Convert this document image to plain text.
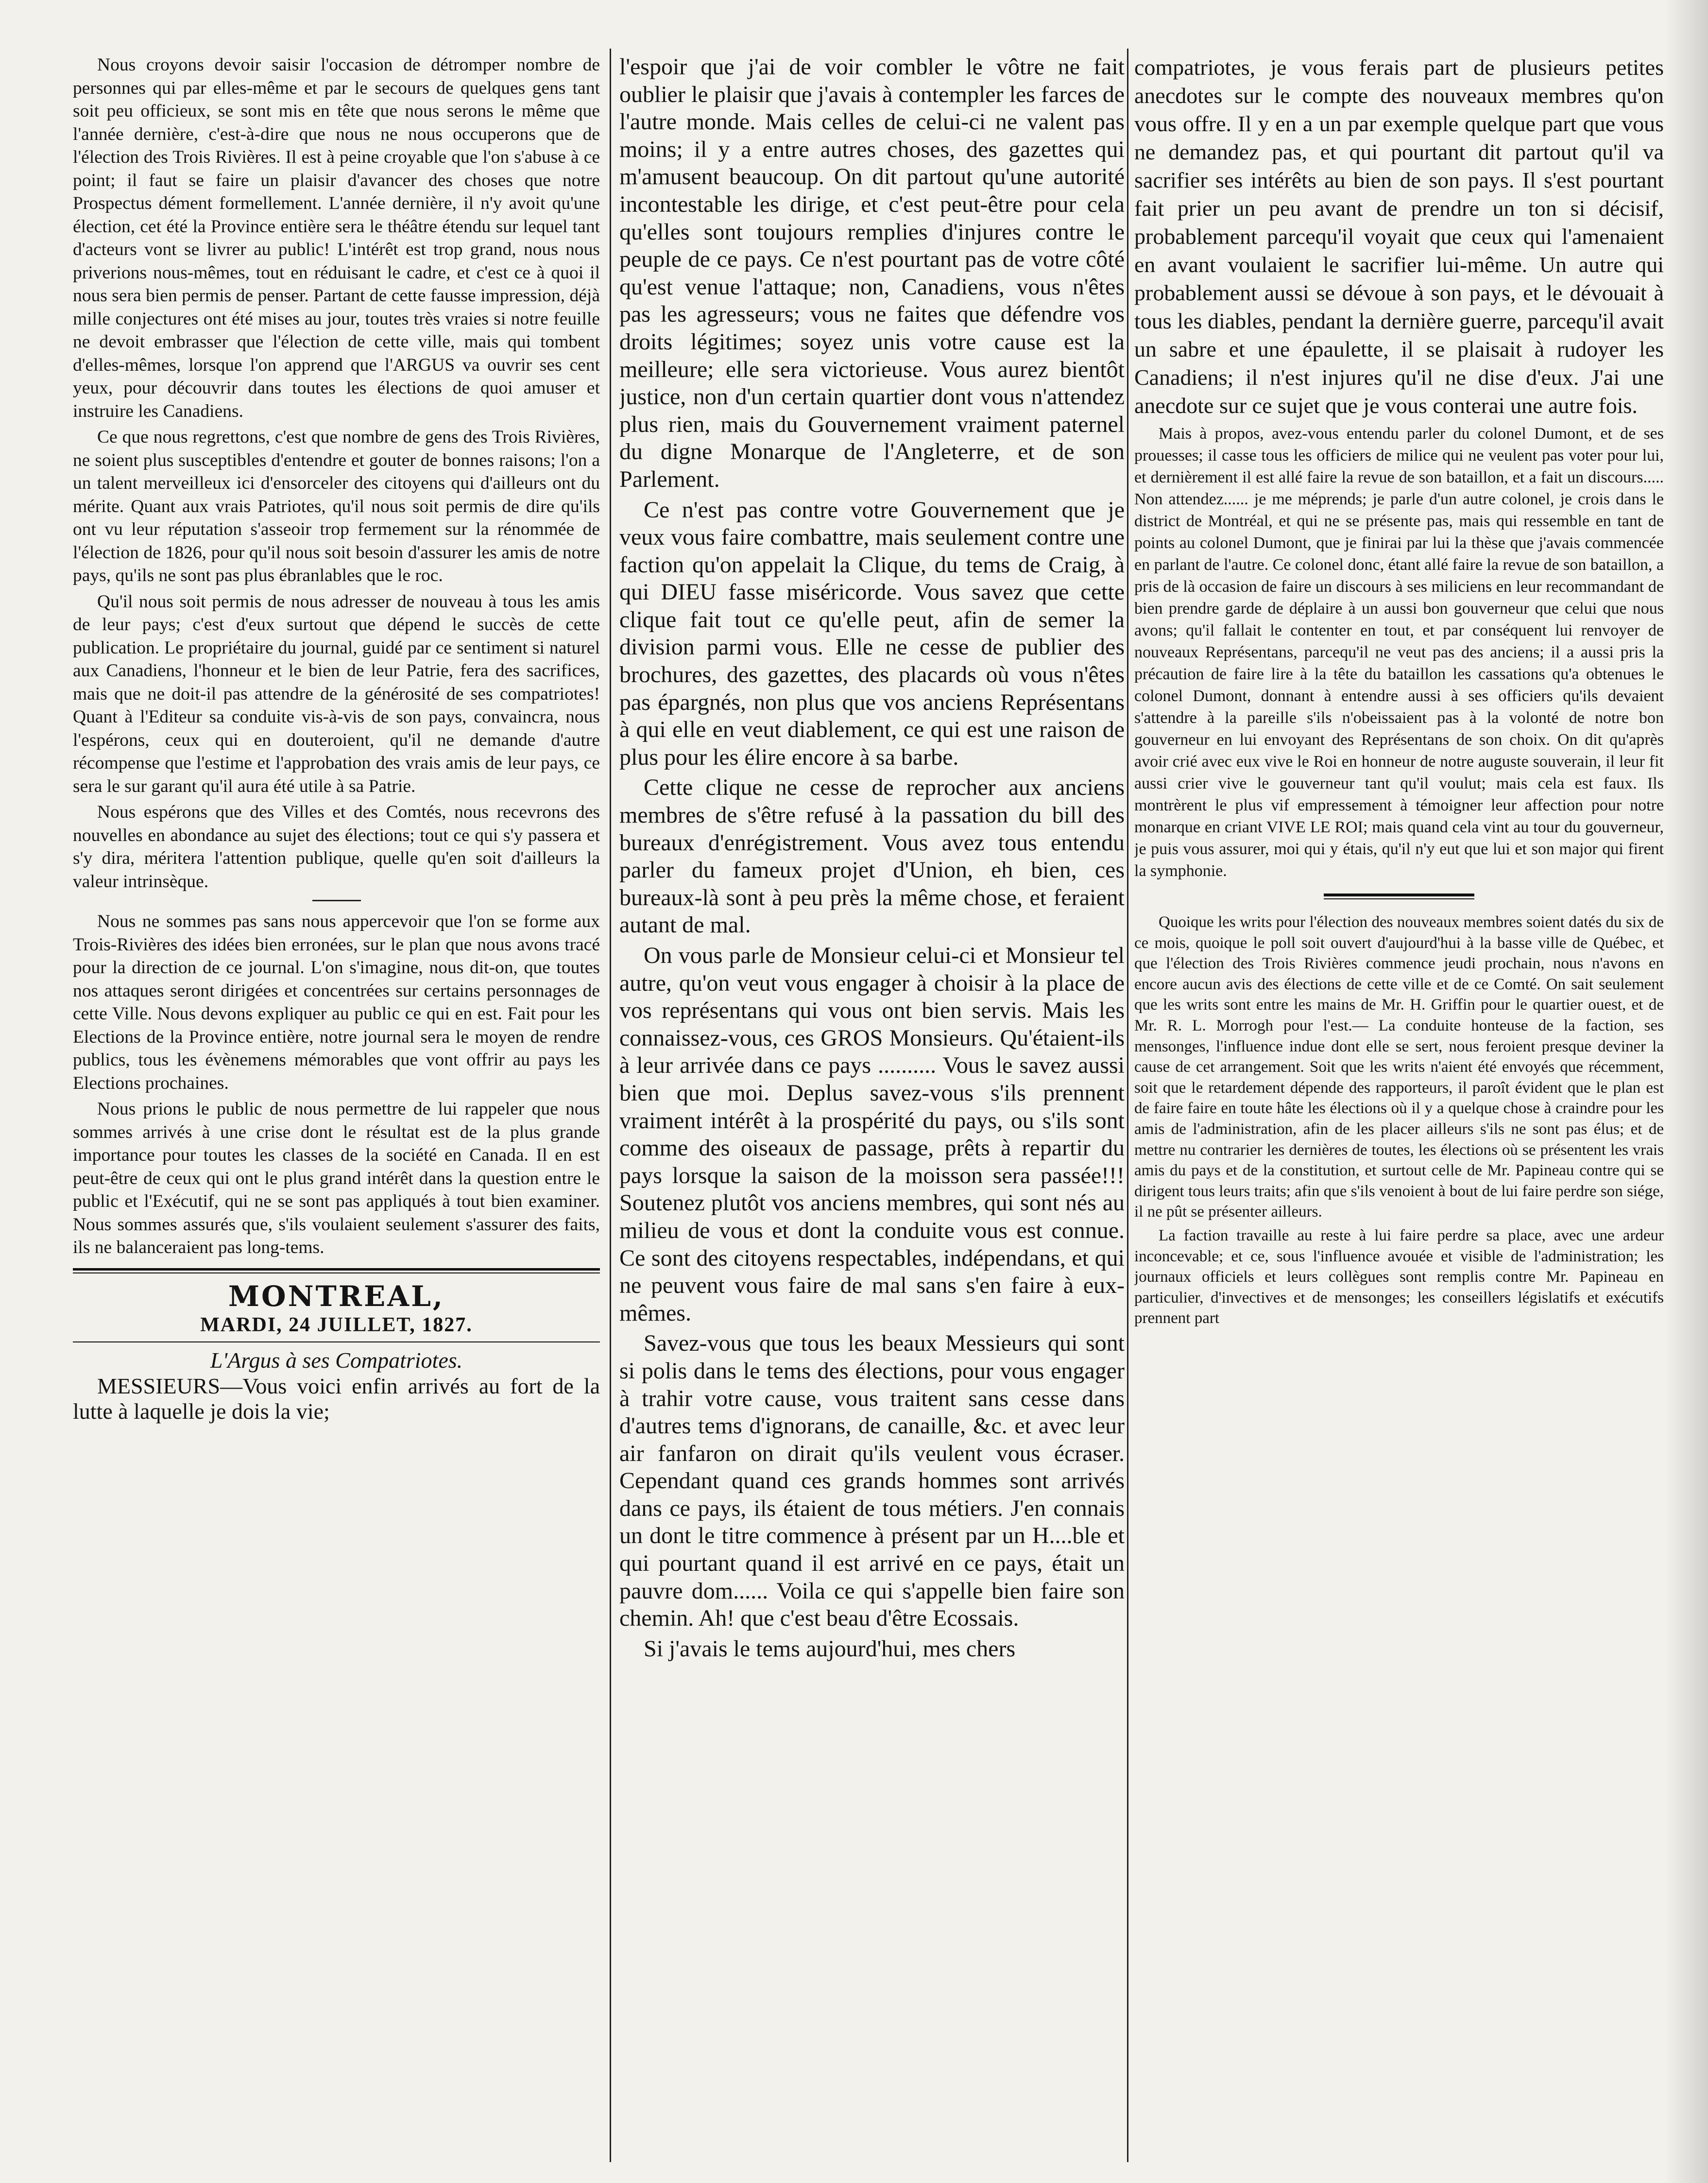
Nous croyons devoir saisir l'occasion de détromper nombre de personnes qui par elles-même et par le secours de quelques gens tant soit peu officieux, se sont mis en tête que nous serons le même que l'année dernière, c'est-à-dire que nous ne nous occuperons que de l'élection des Trois Rivières. Il est à peine croyable que l'on s'abuse à ce point; il faut se faire un plaisir d'avancer des choses que notre Prospectus dément formellement. L'année dernière, il n'y avoit qu'une élection, cet été la Province entière sera le théâtre étendu sur lequel tant d'acteurs vont se livrer au public! L'intérêt est trop grand, nous nous priverions nous-mêmes, tout en réduisant le cadre, et c'est ce à quoi il nous sera bien permis de penser. Partant de cette fausse impression, déjà mille conjectures ont été mises au jour, toutes très vraies si notre feuille ne devoit embrasser que l'élection de cette ville, mais qui tombent d'elles-mêmes, lorsque l'on apprend que l'ARGUS va ouvrir ses cent yeux, pour découvrir dans toutes les élections de quoi amuser et instruire les Canadiens.

Ce que nous regrettons, c'est que nombre de gens des Trois Rivières, ne soient plus susceptibles d'entendre et gouter de bonnes raisons; l'on a un talent merveilleux ici d'ensorceler des citoyens qui d'ailleurs ont du mérite. Quant aux vrais Patriotes, qu'il nous soit permis de dire qu'ils ont vu leur réputation s'asseoir trop fermement sur la rénommée de l'élection de 1826, pour qu'il nous soit besoin d'assurer les amis de notre pays, qu'ils ne sont pas plus ébranlables que le roc.

Qu'il nous soit permis de nous adresser de nouveau à tous les amis de leur pays; c'est d'eux surtout que dépend le succès de cette publication. Le propriétaire du journal, guidé par ce sentiment si naturel aux Canadiens, l'honneur et le bien de leur Patrie, fera des sacrifices, mais que ne doit-il pas attendre de la générosité de ses compatriotes! Quant à l'Editeur sa conduite vis-à-vis de son pays, convaincra, nous l'espérons, ceux qui en douteroient, qu'il ne demande d'autre récompense que l'estime et l'approbation des vrais amis de leur pays, ce sera le sur garant qu'il aura été utile à sa Patrie.

Nous espérons que des Villes et des Comtés, nous recevrons des nouvelles en abondance au sujet des élections; tout ce qui s'y passera et s'y dira, méritera l'attention publique, quelle qu'en soit d'ailleurs la valeur intrinsèque.

Nous ne sommes pas sans nous appercevoir que l'on se forme aux Trois-Rivières des idées bien erronées, sur le plan que nous avons tracé pour la direction de ce journal. L'on s'imagine, nous dit-on, que toutes nos attaques seront dirigées et concentrées sur certains personnages de cette Ville. Nous devons expliquer au public ce qui en est. Fait pour les Elections de la Province entière, notre journal sera le moyen de rendre publics, tous les évènemens mémorables que vont offrir au pays les Elections prochaines.

Nous prions le public de nous permettre de lui rappeler que nous sommes arrivés à une crise dont le résultat est de la plus grande importance pour toutes les classes de la société en Canada. Il en est peut-être de ceux qui ont le plus grand intérêt dans la question entre le public et l'Exécutif, qui ne se sont pas appliqués à tout bien examiner. Nous sommes assurés que, s'ils voulaient seulement s'assurer des faits, ils ne balanceraient pas long-tems.

MONTREAL,
MARDI, 24 JUILLET, 1827.
L'Argus à ses Compatriotes.

MESSIEURS—Vous voici enfin arrivés au fort de la lutte à laquelle je dois la vie;

l'espoir que j'ai de voir combler le vôtre ne fait oublier le plaisir que j'avais à contempler les farces de l'autre monde. Mais celles de celui-ci ne valent pas moins; il y a entre autres choses, des gazettes qui m'amusent beaucoup. On dit partout qu'une autorité incontestable les dirige, et c'est peut-être pour cela qu'elles sont toujours remplies d'injures contre le peuple de ce pays. Ce n'est pourtant pas de votre côté qu'est venue l'attaque; non, Canadiens, vous n'êtes pas les agresseurs; vous ne faites que défendre vos droits légitimes; soyez unis votre cause est la meilleure; elle sera victorieuse. Vous aurez bientôt justice, non d'un certain quartier dont vous n'attendez plus rien, mais du Gouvernement vraiment paternel du digne Monarque de l'Angleterre, et de son Parlement.

Ce n'est pas contre votre Gouvernement que je veux vous faire combattre, mais seulement contre une faction qu'on appelait la Clique, du tems de Craig, à qui DIEU fasse miséricorde. Vous savez que cette clique fait tout ce qu'elle peut, afin de semer la division parmi vous. Elle ne cesse de publier des brochures, des gazettes, des placards où vous n'êtes pas épargnés, non plus que vos anciens Représentans à qui elle en veut diablement, ce qui est une raison de plus pour les élire encore à sa barbe.

Cette clique ne cesse de reprocher aux anciens membres de s'être refusé à la passation du bill des bureaux d'enrégistrement. Vous avez tous entendu parler du fameux projet d'Union, eh bien, ces bureaux-là sont à peu près la même chose, et feraient autant de mal.

On vous parle de Monsieur celui-ci et Monsieur tel autre, qu'on veut vous engager à choisir à la place de vos représentans qui vous ont bien servis. Mais les connaissez-vous, ces GROS Monsieurs. Qu'étaient-ils à leur arrivée dans ce pays .......... Vous le savez aussi bien que moi. Deplus savez-vous s'ils prennent vraiment intérêt à la prospérité du pays, ou s'ils sont comme des oiseaux de passage, prêts à repartir du pays lorsque la saison de la moisson sera passée!!! Soutenez plutôt vos anciens membres, qui sont nés au milieu de vous et dont la conduite vous est connue. Ce sont des citoyens respectables, indépendans, et qui ne peuvent vous faire de mal sans s'en faire à eux-mêmes.

Savez-vous que tous les beaux Messieurs qui sont si polis dans le tems des élections, pour vous engager à trahir votre cause, vous traitent sans cesse dans d'autres tems d'ignorans, de canaille, &c. et avec leur air fanfaron on dirait qu'ils veulent vous écraser. Cependant quand ces grands hommes sont arrivés dans ce pays, ils étaient de tous métiers. J'en connais un dont le titre commence à présent par un H....ble et qui pourtant quand il est arrivé en ce pays, était un pauvre dom...... Voila ce qui s'appelle bien faire son chemin. Ah! que c'est beau d'être Ecossais.

Si j'avais le tems aujourd'hui, mes chers

compatriotes, je vous ferais part de plusieurs petites anecdotes sur le compte des nouveaux membres qu'on vous offre. Il y en a un par exemple quelque part que vous ne demandez pas, et qui pourtant dit partout qu'il va sacrifier ses intérêts au bien de son pays. Il s'est pourtant fait prier un peu avant de prendre un ton si décisif, probablement parcequ'il voyait que ceux qui l'amenaient en avant voulaient le sacrifier lui-même. Un autre qui probablement aussi se dévoue à son pays, et le dévouait à tous les diables, pendant la dernière guerre, parcequ'il avait un sabre et une épaulette, il se plaisait à rudoyer les Canadiens; il n'est injures qu'il ne dise d'eux. J'ai une anecdote sur ce sujet que je vous conterai une autre fois.

Mais à propos, avez-vous entendu parler du colonel Dumont, et de ses prouesses; il casse tous les officiers de milice qui ne veulent pas voter pour lui, et dernièrement il est allé faire la revue de son bataillon, et a fait un discours..... Non attendez...... je me méprends; je parle d'un autre colonel, je crois dans le district de Montréal, et qui ne se présente pas, mais qui ressemble en tant de points au colonel Dumont, que je finirai par lui la thèse que j'avais commencée en parlant de l'autre. Ce colonel donc, étant allé faire la revue de son bataillon, a pris de là occasion de faire un discours à ses miliciens en leur recommandant de bien prendre garde de déplaire à un aussi bon gouverneur que celui que nous avons; qu'il fallait le contenter en tout, et par conséquent lui renvoyer de nouveaux Représentans, parcequ'il ne veut pas des anciens; il a aussi pris la précaution de faire lire à la tête du bataillon les cassations qu'a obtenues le colonel Dumont, donnant à entendre aussi à ses officiers qu'ils devaient s'attendre à la pareille s'ils n'obeissaient pas à la volonté de notre bon gouverneur en lui envoyant des Représentans de son choix. On dit qu'après avoir crié avec eux vive le Roi en honneur de notre auguste souverain, il leur fit aussi crier vive le gouverneur tant qu'il voulut; mais cela est faux. Ils montrèrent le plus vif empressement à témoigner leur affection pour notre monarque en criant VIVE LE ROI; mais quand cela vint au tour du gouverneur, je puis vous assurer, moi qui y étais, qu'il n'y eut que lui et son major qui firent la symphonie.

Quoique les writs pour l'élection des nouveaux membres soient datés du six de ce mois, quoique le poll soit ouvert d'aujourd'hui à la basse ville de Québec, et que l'élection des Trois Rivières commence jeudi prochain, nous n'avons en encore aucun avis des élections de cette ville et de ce Comté. On sait seulement que les writs sont entre les mains de Mr. H. Griffin pour le quartier ouest, et de Mr. R. L. Morrogh pour l'est.— La conduite honteuse de la faction, ses mensonges, l'influence indue dont elle se sert, nous feroient presque deviner la cause de cet arrangement. Soit que les writs n'aient été envoyés que récemment, soit que le retardement dépende des rapporteurs, il paroît évident que le plan est de faire faire en toute hâte les élections où il y a quelque chose à craindre pour les amis de l'administration, afin de les placer ailleurs s'ils ne sont pas élus; et de mettre nu contrarier les dernières de toutes, les élections où se présentent les vrais amis du pays et de la constitution, et surtout celle de Mr. Papineau contre qui se dirigent tous leurs traits; afin que s'ils venoient à bout de lui faire perdre son siége, il ne pût se présenter ailleurs.

La faction travaille au reste à lui faire perdre sa place, avec une ardeur inconcevable; et ce, sous l'influence avouée et visible de l'administration; les journaux officiels et leurs collègues sont remplis contre Mr. Papineau en particulier, d'invectives et de mensonges; les conseillers législatifs et exécutifs prennent part
